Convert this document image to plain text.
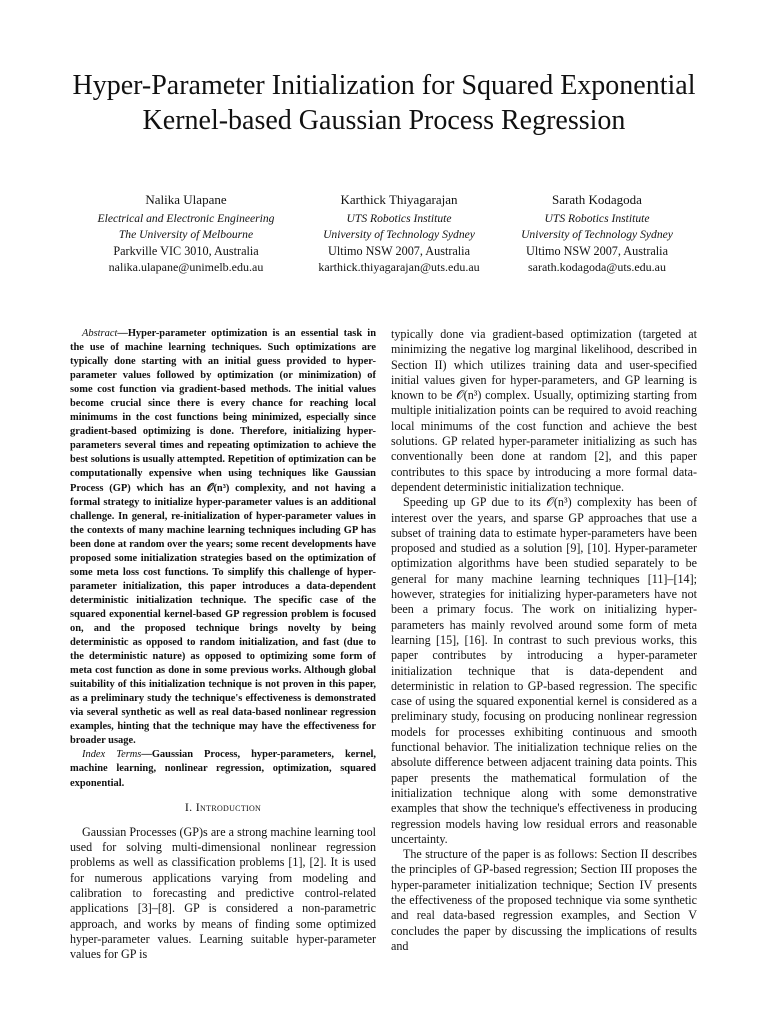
Hyper-Parameter Initialization for Squared Exponential Kernel-based Gaussian Process Regression
Nalika Ulapane
Electrical and Electronic Engineering
The University of Melbourne
Parkville VIC 3010, Australia
nalika.ulapane@unimelb.edu.au
Karthick Thiyagarajan
UTS Robotics Institute
University of Technology Sydney
Ultimo NSW 2007, Australia
karthick.thiyagarajan@uts.edu.au
Sarath Kodagoda
UTS Robotics Institute
University of Technology Sydney
Ultimo NSW 2007, Australia
sarath.kodagoda@uts.edu.au

Abstract—Hyper-parameter optimization is an essential task in the use of machine learning techniques. Such optimizations are typically done starting with an initial guess provided to hyper-parameter values followed by optimization (or minimization) of some cost function via gradient-based methods. The initial values become crucial since there is every chance for reaching local minimums in the cost functions being minimized, especially since gradient-based optimizing is done. Therefore, initializing hyper-parameters several times and repeating optimization to achieve the best solutions is usually attempted. Repetition of optimization can be computationally expensive when using techniques like Gaussian Process (GP) which has an 𝒪(n³) complexity, and not having a formal strategy to initialize hyper-parameter values is an additional challenge. In general, re-initialization of hyper-parameter values in the contexts of many machine learning techniques including GP has been done at random over the years; some recent developments have proposed some initialization strategies based on the optimization of some meta loss cost functions. To simplify this challenge of hyper-parameter initialization, this paper introduces a data-dependent deterministic initialization technique. The specific case of the squared exponential kernel-based GP regression problem is focused on, and the proposed technique brings novelty by being deterministic as opposed to random initialization, and fast (due to the deterministic nature) as opposed to optimizing some form of meta cost function as done in some previous works. Although global suitability of this initialization technique is not proven in this paper, as a preliminary study the technique's effectiveness is demonstrated via several synthetic as well as real data-based nonlinear regression examples, hinting that the technique may have the effectiveness for broader usage.

Index Terms—Gaussian Process, hyper-parameters, kernel, machine learning, nonlinear regression, optimization, squared exponential.

I. Introduction

Gaussian Processes (GP)s are a strong machine learning tool used for solving multi-dimensional nonlinear regression problems as well as classification problems [1], [2]. It is used for numerous applications varying from modeling and calibration to forecasting and predictive control-related applications [3]–[8]. GP is considered a non-parametric approach, and works by means of finding some optimized hyper-parameter values. Learning suitable hyper-parameter values for GP is

typically done via gradient-based optimization (targeted at minimizing the negative log marginal likelihood, described in Section II) which utilizes training data and user-specified initial values given for hyper-parameters, and GP learning is known to be 𝒪(n³) complex. Usually, optimizing starting from multiple initialization points can be required to avoid reaching local minimums of the cost function and achieve the best solutions. GP related hyper-parameter initializing as such has conventionally been done at random [2], and this paper contributes to this space by introducing a more formal data-dependent deterministic initialization technique.

Speeding up GP due to its 𝒪(n³) complexity has been of interest over the years, and sparse GP approaches that use a subset of training data to estimate hyper-parameters have been proposed and studied as a solution [9], [10]. Hyper-parameter optimization algorithms have been studied separately to be general for many machine learning techniques [11]–[14]; however, strategies for initializing hyper-parameters have not been a primary focus. The work on initializing hyper-parameters has mainly revolved around some form of meta learning [15], [16]. In contrast to such previous works, this paper contributes by introducing a hyper-parameter initialization technique that is data-dependent and deterministic in relation to GP-based regression. The specific case of using the squared exponential kernel is considered as a preliminary study, focusing on producing nonlinear regression models for processes exhibiting continuous and smooth functional behavior. The initialization technique relies on the absolute difference between adjacent training data points. This paper presents the mathematical formulation of the initialization technique along with some demonstrative examples that show the technique's effectiveness in producing regression models having low residual errors and reasonable uncertainty.

The structure of the paper is as follows: Section II describes the principles of GP-based regression; Section III proposes the hyper-parameter initialization technique; Section IV presents the effectiveness of the proposed technique via some synthetic and real data-based regression examples, and Section V concludes the paper by discussing the implications of results and
